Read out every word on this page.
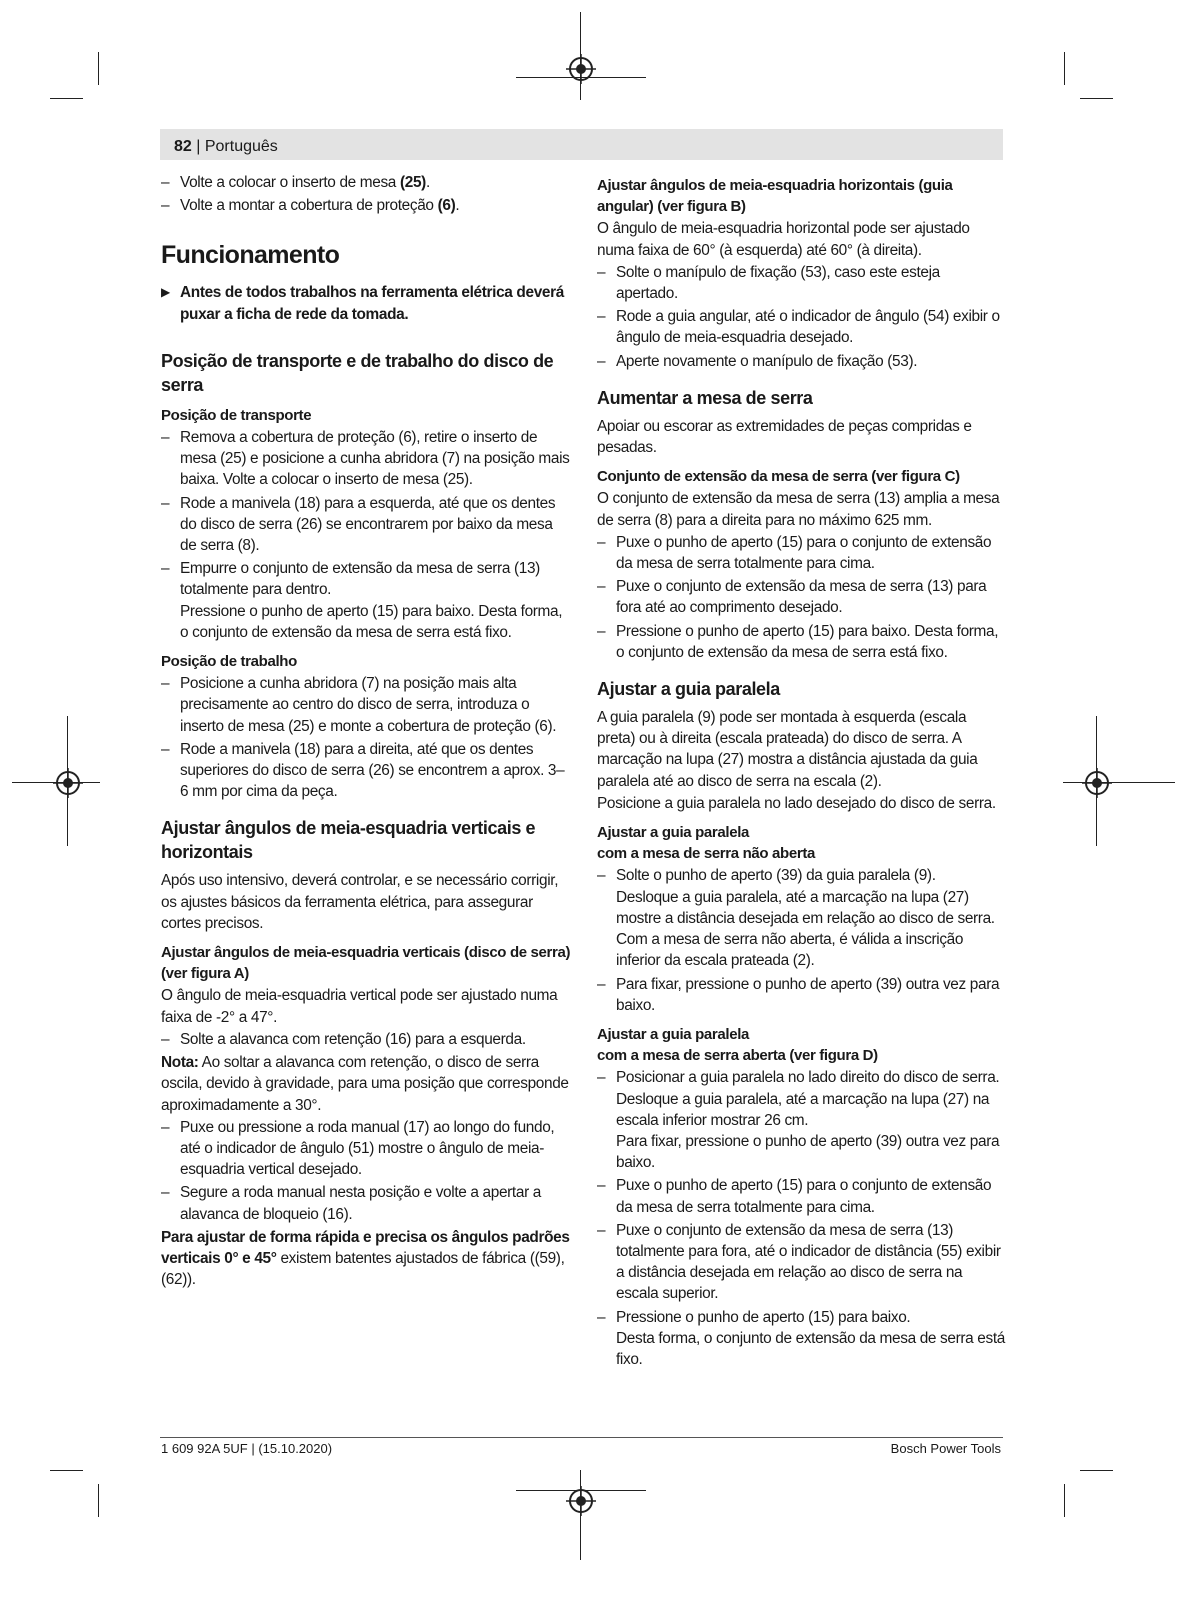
82 | Português
– Volte a colocar o inserto de mesa (25).
– Volte a montar a cobertura de proteção (6).
Funcionamento
▶ Antes de todos trabalhos na ferramenta elétrica deverá puxar a ficha de rede da tomada.
Posição de transporte e de trabalho do disco de serra
Posição de transporte
– Remova a cobertura de proteção (6), retire o inserto de mesa (25) e posicione a cunha abridora (7) na posição mais baixa. Volte a colocar o inserto de mesa (25).
– Rode a manivela (18) para a esquerda, até que os dentes do disco de serra (26) se encontrarem por baixo da mesa de serra (8).
– Empurre o conjunto de extensão da mesa de serra (13) totalmente para dentro.
Pressione o punho de aperto (15) para baixo. Desta forma, o conjunto de extensão da mesa de serra está fixo.
Posição de trabalho
– Posicione a cunha abridora (7) na posição mais alta precisamente ao centro do disco de serra, introduza o inserto de mesa (25) e monte a cobertura de proteção (6).
– Rode a manivela (18) para a direita, até que os dentes superiores do disco de serra (26) se encontrem a aprox. 3–6 mm por cima da peça.
Ajustar ângulos de meia-esquadria verticais e horizontais
Após uso intensivo, deverá controlar, e se necessário corrigir, os ajustes básicos da ferramenta elétrica, para assegurar cortes precisos.
Ajustar ângulos de meia-esquadria verticais (disco de serra) (ver figura A)
O ângulo de meia-esquadria vertical pode ser ajustado numa faixa de -2° a 47°.
– Solte a alavanca com retenção (16) para a esquerda.
Nota: Ao soltar a alavanca com retenção, o disco de serra oscila, devido à gravidade, para uma posição que corresponde aproximadamente a 30°.
– Puxe ou pressione a roda manual (17) ao longo do fundo, até o indicador de ângulo (51) mostre o ângulo de meia-esquadria vertical desejado.
– Segure a roda manual nesta posição e volte a apertar a alavanca de bloqueio (16).
Para ajustar de forma rápida e precisa os ângulos padrões verticais 0° e 45° existem batentes ajustados de fábrica ((59), (62)).
Ajustar ângulos de meia-esquadria horizontais (guia angular) (ver figura B)
O ângulo de meia-esquadria horizontal pode ser ajustado numa faixa de 60° (à esquerda) até 60° (à direita).
– Solte o manípulo de fixação (53), caso este esteja apertado.
– Rode a guia angular, até o indicador de ângulo (54) exibir o ângulo de meia-esquadria desejado.
– Aperte novamente o manípulo de fixação (53).
Aumentar a mesa de serra
Apoiar ou escorar as extremidades de peças compridas e pesadas.
Conjunto de extensão da mesa de serra (ver figura C)
O conjunto de extensão da mesa de serra (13) amplia a mesa de serra (8) para a direita para no máximo 625 mm.
– Puxe o punho de aperto (15) para o conjunto de extensão da mesa de serra totalmente para cima.
– Puxe o conjunto de extensão da mesa de serra (13) para fora até ao comprimento desejado.
– Pressione o punho de aperto (15) para baixo. Desta forma, o conjunto de extensão da mesa de serra está fixo.
Ajustar a guia paralela
A guia paralela (9) pode ser montada à esquerda (escala preta) ou à direita (escala prateada) do disco de serra. A marcação na lupa (27) mostra a distância ajustada da guia paralela até ao disco de serra na escala (2).
Posicione a guia paralela no lado desejado do disco de serra.
Ajustar a guia paralela
com a mesa de serra não aberta
– Solte o punho de aperto (39) da guia paralela (9).
Desloque a guia paralela, até a marcação na lupa (27) mostre a distância desejada em relação ao disco de serra. Com a mesa de serra não aberta, é válida a inscrição inferior da escala prateada (2).
– Para fixar, pressione o punho de aperto (39) outra vez para baixo.
Ajustar a guia paralela
com a mesa de serra aberta (ver figura D)
– Posicionar a guia paralela no lado direito do disco de serra.
Desloque a guia paralela, até a marcação na lupa (27) na escala inferior mostrar 26 cm.
Para fixar, pressione o punho de aperto (39) outra vez para baixo.
– Puxe o punho de aperto (15) para o conjunto de extensão da mesa de serra totalmente para cima.
– Puxe o conjunto de extensão da mesa de serra (13) totalmente para fora, até o indicador de distância (55) exibir a distância desejada em relação ao disco de serra na escala superior.
– Pressione o punho de aperto (15) para baixo.
Desta forma, o conjunto de extensão da mesa de serra está fixo.
1 609 92A 5UF | (15.10.2020)	Bosch Power Tools
